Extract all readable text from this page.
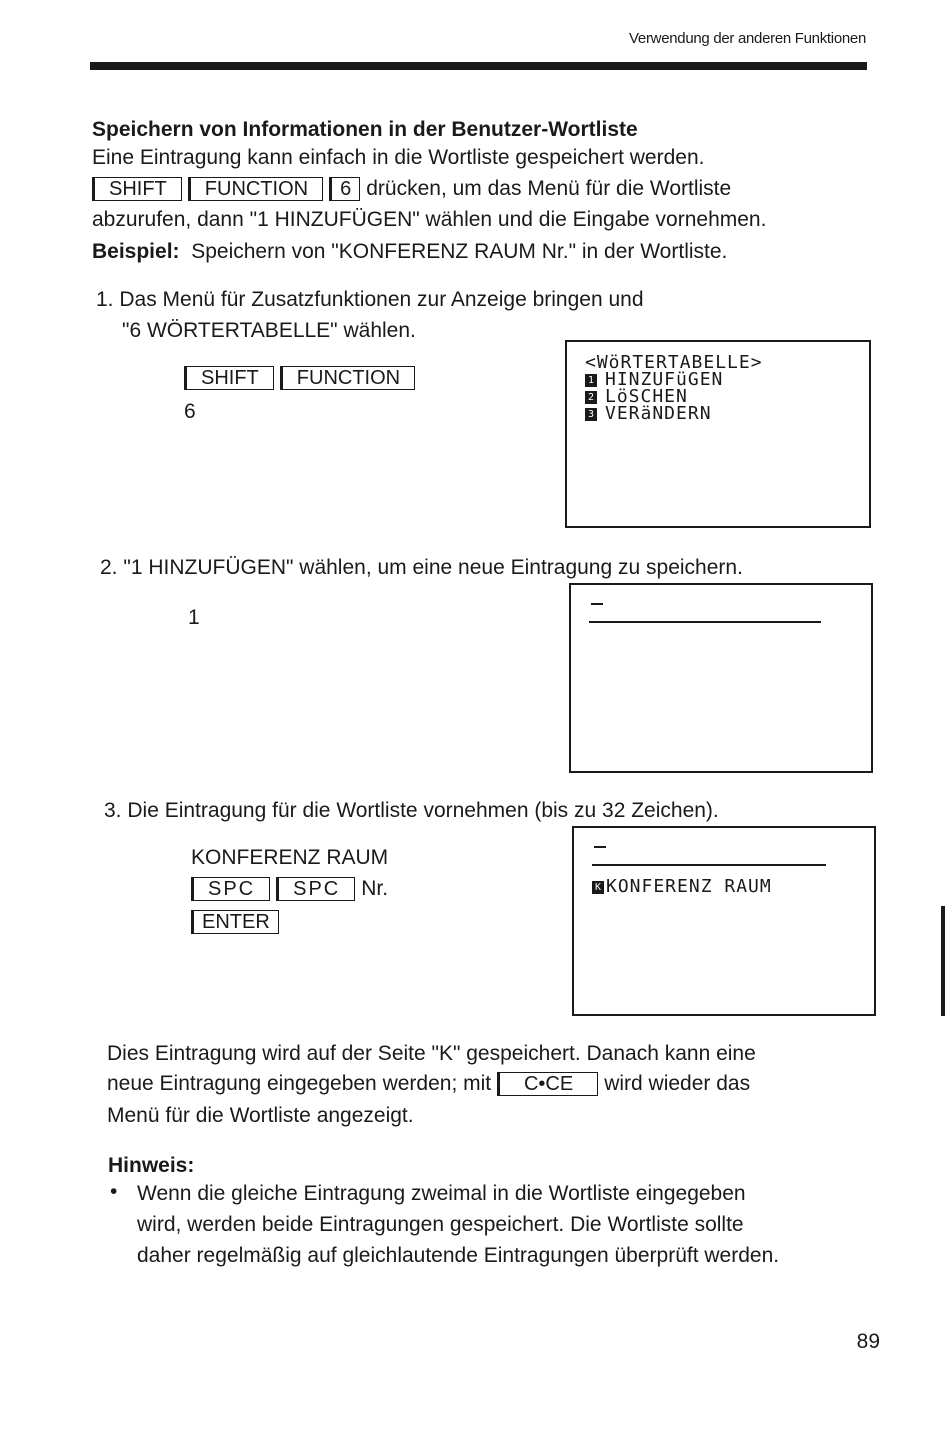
Verwendung der anderen Funktionen
Speichern von Informationen in der Benutzer-Wortliste
Eine Eintragung kann einfach in die Wortliste gespeichert werden.
SHIFT FUNCTION 6 drücken, um das Menü für die Wortliste
abzurufen, dann "1 HINZUFÜGEN" wählen und die Eingabe vornehmen.
Beispiel: Speichern von "KONFERENZ RAUM Nr." in der Wortliste.
1. Das Menü für Zusatzfunktionen zur Anzeige bringen und
"6 WÖRTERTABELLE" wählen.
SHIFT FUNCTION
6
<WöRTERTABELLE>
1 HINZUFüGEN
2 LöSCHEN
3 VERäNDERN
2. "1 HINZUFÜGEN" wählen, um eine neue Eintragung zu speichern.
1
3. Die Eintragung für die Wortliste vornehmen (bis zu 32 Zeichen).
KONFERENZ RAUM
SPC SPC Nr.
ENTER
K KONFERENZ RAUM
Dies Eintragung wird auf der Seite "K" gespeichert. Danach kann eine
neue Eintragung eingegeben werden; mit C•CE wird wieder das
Menü für die Wortliste angezeigt.
Hinweis:
• Wenn die gleiche Eintragung zweimal in die Wortliste eingegeben
wird, werden beide Eintragungen gespeichert. Die Wortliste sollte
daher regelmäßig auf gleichlautende Eintragungen überprüft werden.
89
